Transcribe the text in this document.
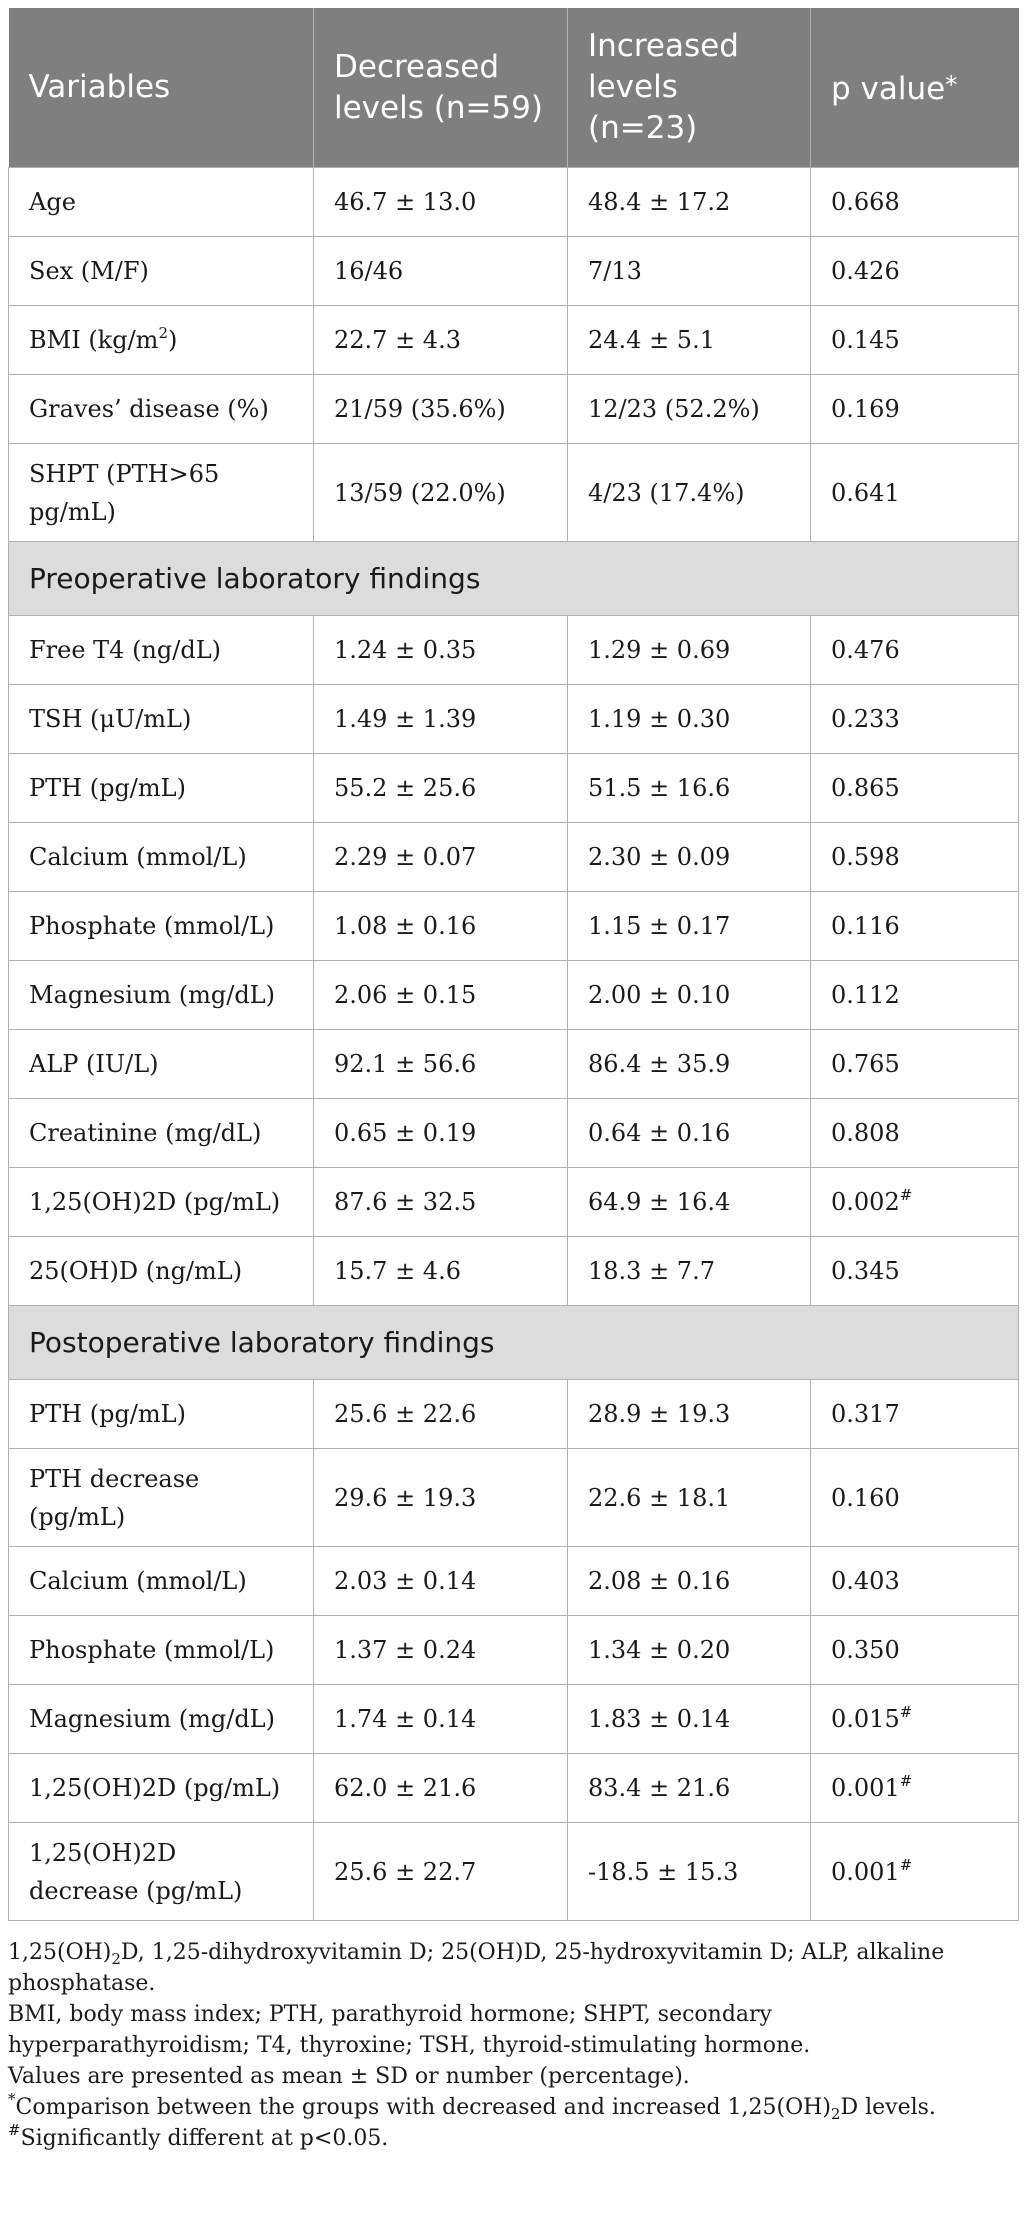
Variables	Decreased levels (n=59)	Increased levels (n=23)	p value*
Age	46.7 ± 13.0	48.4 ± 17.2	0.668
Sex (M/F)	16/46	7/13	0.426
BMI $(kg/m^2)$	22.7 ± 4.3	24.4 ± 5.1	0.145
Graves’ disease (%)	21/59 (35.6%)	12/23 (52.2%)	0.169
SHPT (PTH>65 pg/mL)	13/59 (22.0%)	4/23 (17.4%)	0.641
Preoperative laboratory findings			
Free T4 (ng/dL)	1.24 ± 0.35	1.29 ± 0.69	0.476
TSH (μU/mL)	1.49 ± 1.39	1.19 ± 0.30	0.233
PTH (pg/mL)	55.2 ± 25.6	51.5 ± 16.6	0.865
Calcium (mmol/L)	2.29 ± 0.07	2.30 ± 0.09	0.598
Phosphate (mmol/L)	1.08 ± 0.16	1.15 ± 0.17	0.116
Magnesium (mg/dL)	2.06 ± 0.15	2.00 ± 0.10	0.112
ALP (IU/L)	92.1 ± 56.6	86.4 ± 35.9	0.765
Creatinine (mg/dL)	0.65 ± 0.19	0.64 ± 0.16	0.808
1,25(OH)2D (pg/mL)	87.6 ± 32.5	64.9 ± 16.4	0.002#
25(OH)D (ng/mL)	15.7 ± 4.6	18.3 ± 7.7	0.345
Postoperative laboratory findings			
PTH (pg/mL)	25.6 ± 22.6	28.9 ± 19.3	0.317
PTH decrease (pg/mL)	29.6 ± 19.3	22.6 ± 18.1	0.160
Calcium (mmol/L)	2.03 ± 0.14	2.08 ± 0.16	0.403
Phosphate (mmol/L)	1.37 ± 0.24	1.34 ± 0.20	0.350
Magnesium (mg/dL)	1.74 ± 0.14	1.83 ± 0.14	0.015#
1,25(OH)2D (pg/mL)	62.0 ± 21.6	83.4 ± 21.6	0.001#
1,25(OH)2D decrease (pg/mL)	25.6 ± 22.7	-18.5 ± 15.3	0.001#

$1,25(OH)_2D$, 1,25-dihydroxyvitamin D; 25(OH)D, 25-hydroxyvitamin D; ALP, alkaline phosphatase.

BMI, body mass index; PTH, parathyroid hormone; SHPT, secondary hyperparathyroidism; T4, thyroxine; TSH, thyroid-stimulating hormone.

Values are presented as mean ± SD or number (percentage).

*Comparison between the groups with decreased and increased $1,25(OH)_2D$ levels.

#Significantly different at p<0.05.
